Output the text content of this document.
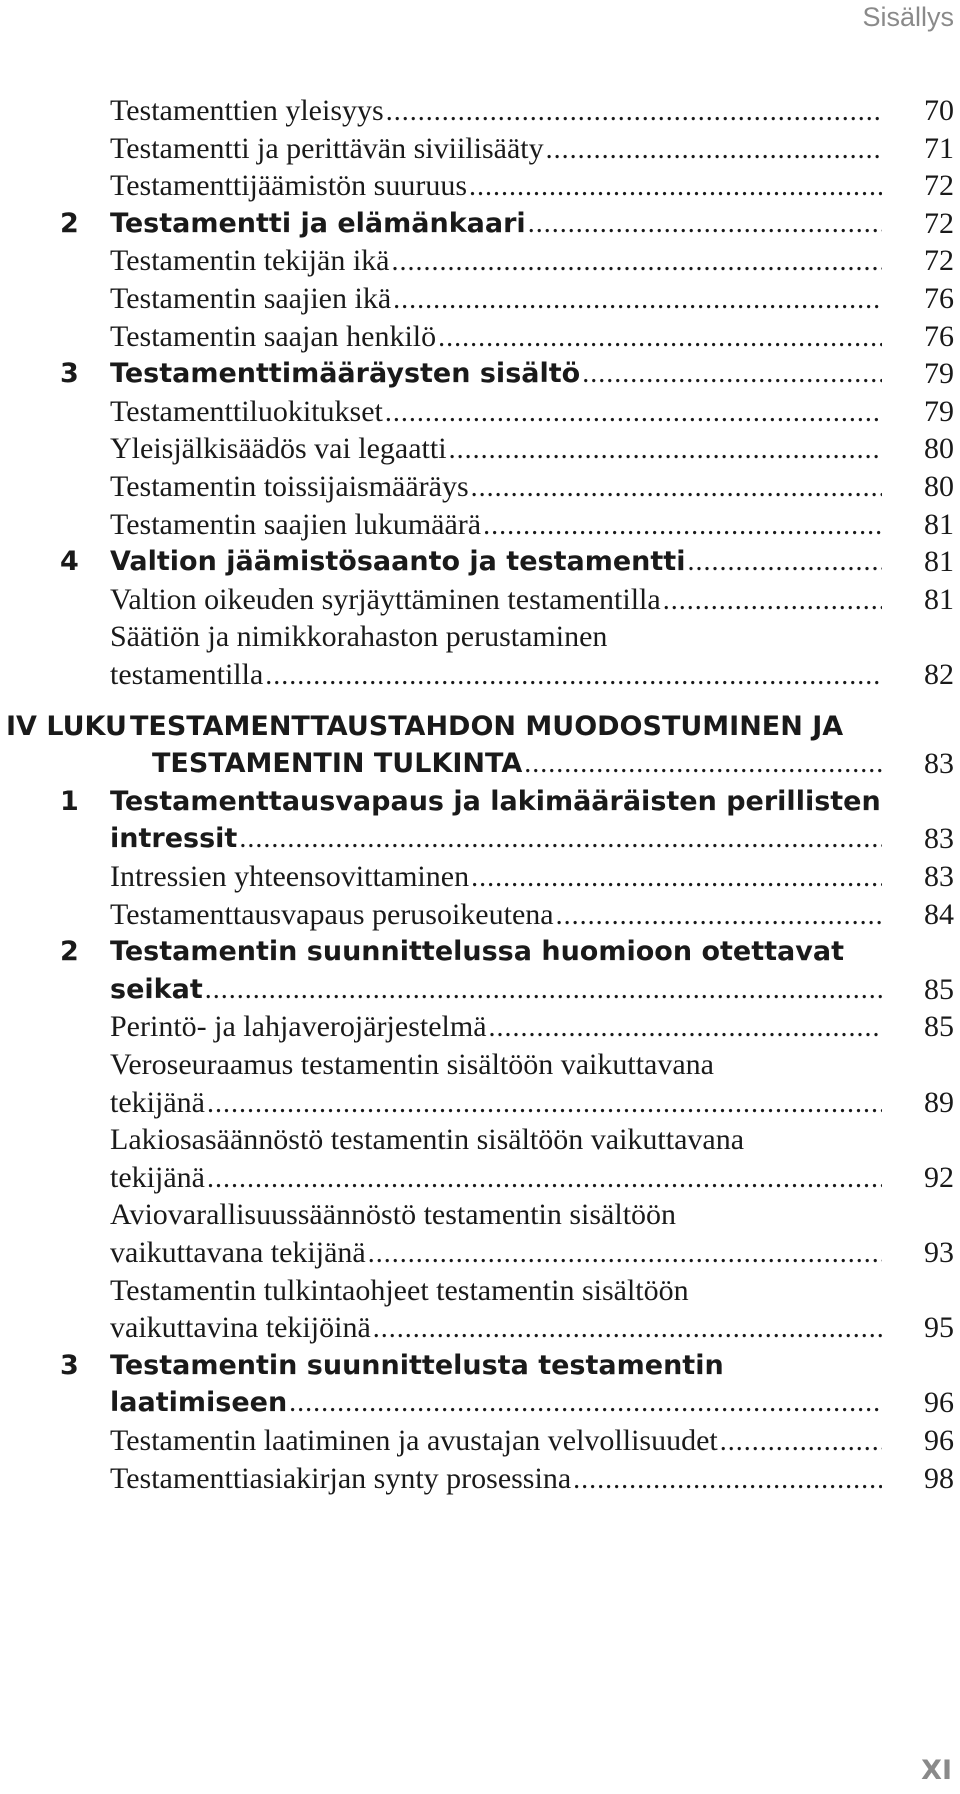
Sisällys
Testamenttien yleisyys .....	70
Testamentti ja perittävän siviilisääty .....	71
Testamenttijäämistön suuruus .....	72
2 Testamentti ja elämänkaari .....	72
Testamentin tekijän ikä .....	72
Testamentin saajien ikä .....	76
Testamentin saajan henkilö .....	76
3 Testamenttimääräysten sisältö .....	79
Testamenttiluokitukset .....	79
Yleisjälkisäädös vai legaatti .....	80
Testamentin toissijaismääräys .....	80
Testamentin saajien lukumäärä .....	81
4 Valtion jäämistösaanto ja testamentti .....	81
Valtion oikeuden syrjäyttäminen testamentilla .....	81
Säätiön ja nimikkorahaston perustaminen
testamentilla .....	82
IV LUKU TESTAMENTTAUSTAHDON MUODOSTUMINEN JA
TESTAMENTIN TULKINTA .....	83
1 Testamenttausvapaus ja lakimääräisten perillisten
intressit .....	83
Intressien yhteensovittaminen .....	83
Testamenttausvapaus perusoikeutena .....	84
2 Testamentin suunnittelussa huomioon otettavat
seikat .....	85
Perintö- ja lahjaverojärjestelmä .....	85
Veroseuraamus testamentin sisältöön vaikuttavana
tekijänä .....	89
Lakiosasäännöstö testamentin sisältöön vaikuttavana
tekijänä .....	92
Aviovarallisuussäännöstö testamentin sisältöön
vaikuttavana tekijänä .....	93
Testamentin tulkintaohjeet testamentin sisältöön
vaikuttavina tekijöinä .....	95
3 Testamentin suunnittelusta testamentin
laatimiseen .....	96
Testamentin laatiminen ja avustajan velvollisuudet .....	96
Testamenttiasiakirjan synty prosessina .....	98
XI
